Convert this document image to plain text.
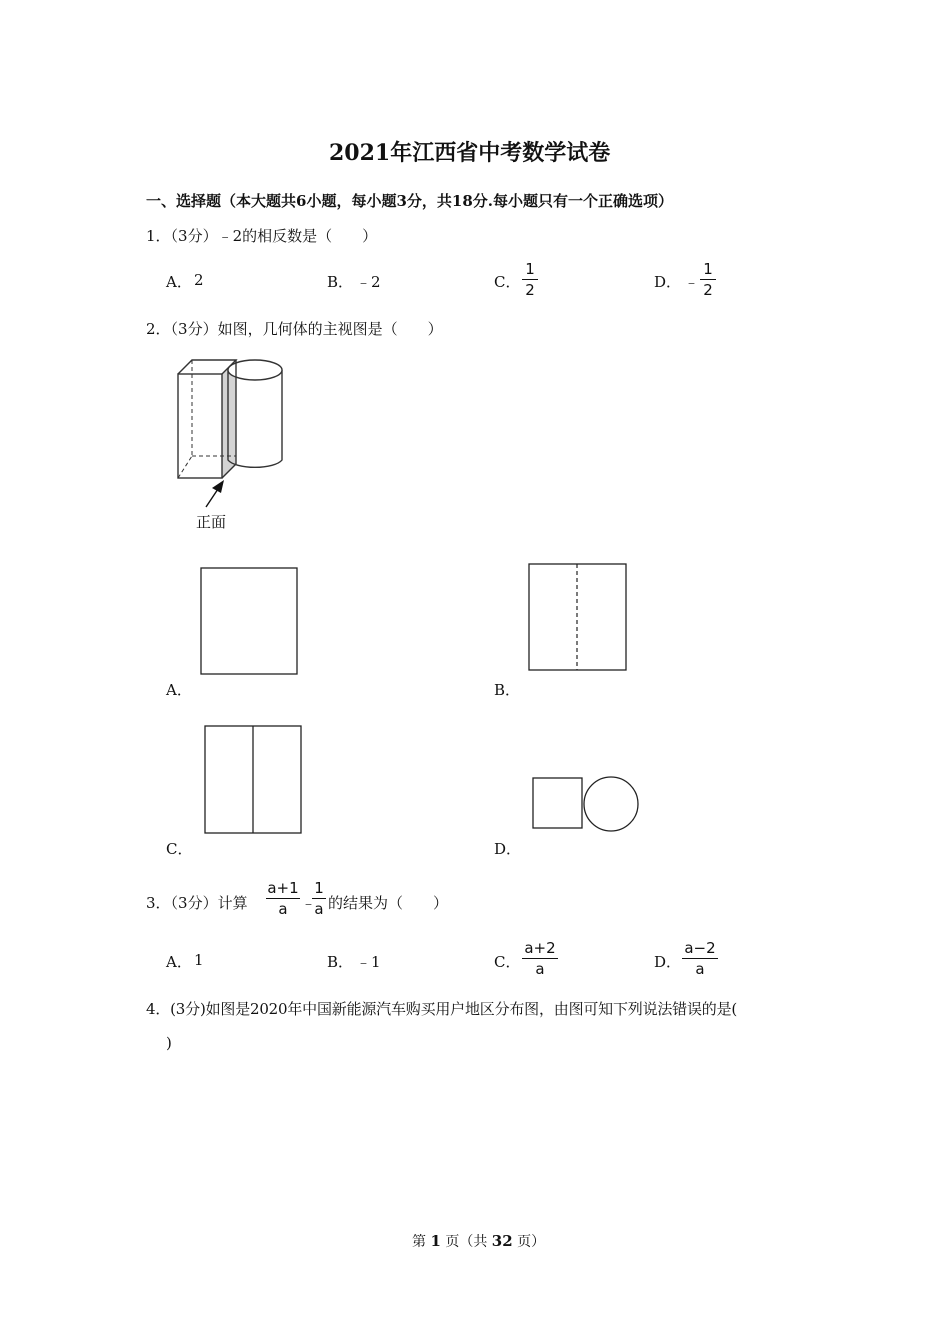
2021年江西省中考数学试卷
一、选择题（本大题共6小题，每小题3分，共18分.每小题只有一个正确选项）
1．（3分）﹣2的相反数是（　　）
A． 2	B． ﹣2	C．
1
2	D． ﹣
1
2
2．（3分）如图，几何体的主视图是（　　）
正面
A．	B．
C．	D．
3．（3分）计算
a+1
a ﹣
1
a 的结果为（　　）
A． 1	B． ﹣1	C．
a+2
a	D．
a−2
a
4．(3分)如图是2020年中国新能源汽车购买用户地区分布图，由图可知下列说法错误的是(
)
第 1 页（共 32 页）
